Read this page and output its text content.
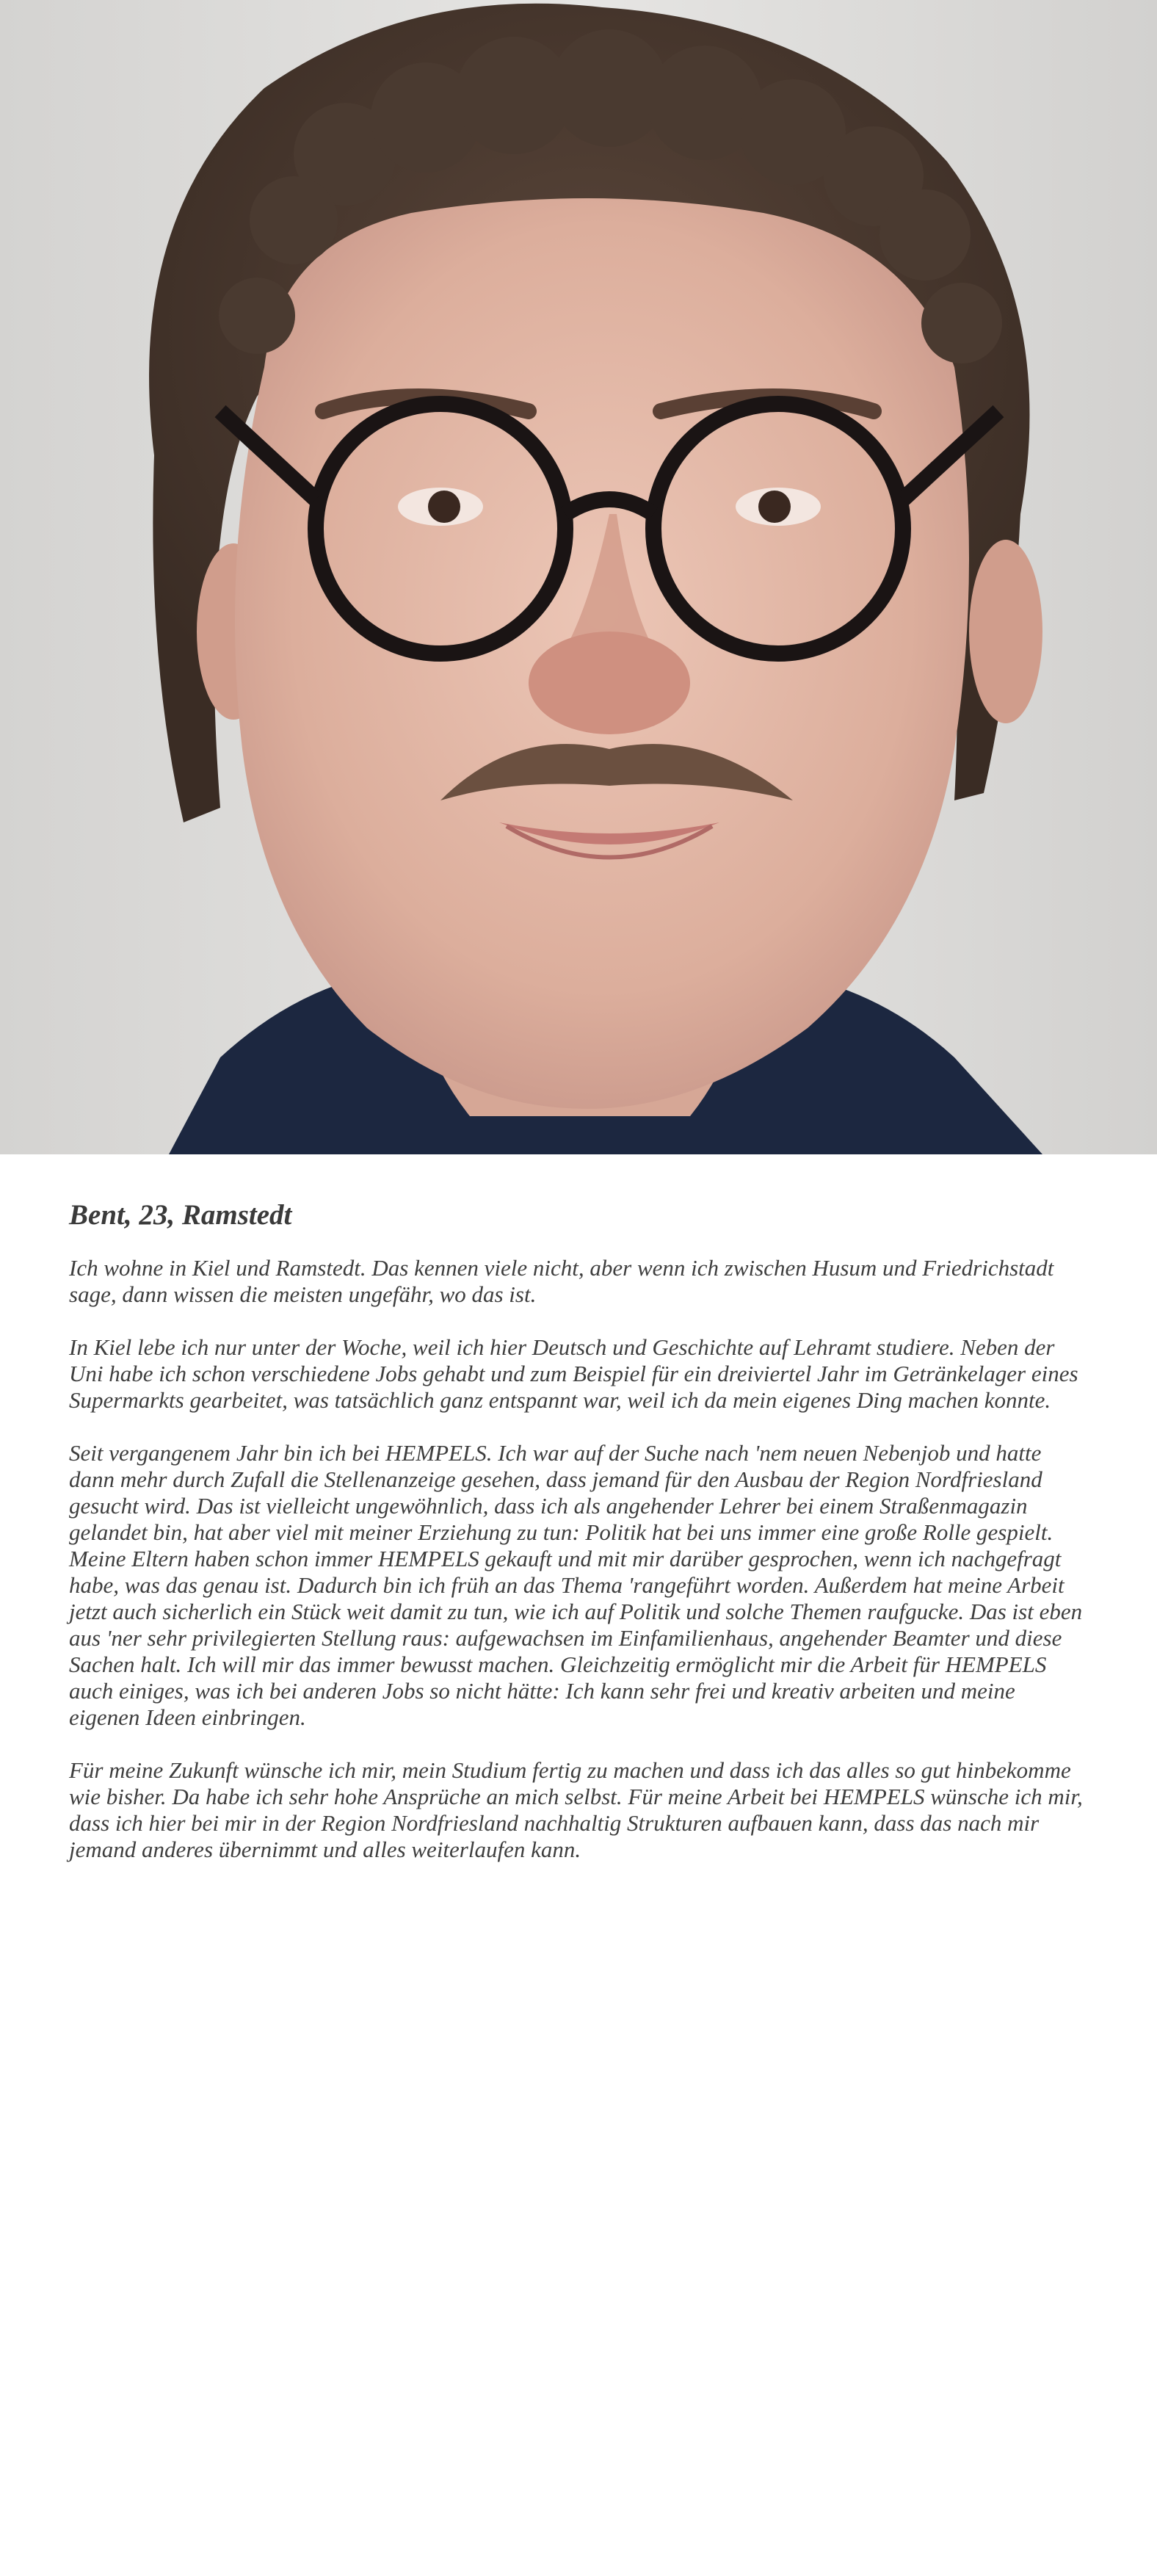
Bent, 23, Ramstedt

Ich wohne in Kiel und Ramstedt. Das kennen viele nicht, aber wenn ich zwischen Husum und Friedrichstadt sage, dann wissen die meisten ungefähr, wo das ist.

In Kiel lebe ich nur unter der Woche, weil ich hier Deutsch und Geschichte auf Lehramt studiere. Neben der Uni habe ich schon verschiedene Jobs gehabt und zum Beispiel für ein dreiviertel Jahr im Getränkelager eines Supermarkts gearbeitet, was tatsächlich ganz entspannt war, weil ich da mein eigenes Ding machen konnte.

Seit vergangenem Jahr bin ich bei HEMPELS. Ich war auf der Suche nach 'nem neuen Nebenjob und hatte dann mehr durch Zufall die Stellenanzeige gesehen, dass jemand für den Ausbau der Region Nordfriesland gesucht wird. Das ist vielleicht ungewöhnlich, dass ich als angehender Lehrer bei einem Straßenmagazin gelandet bin, hat aber viel mit meiner Erziehung zu tun: Politik hat bei uns immer eine große Rolle gespielt. Meine Eltern haben schon immer HEMPELS gekauft und mit mir darüber gesprochen, wenn ich nachgefragt habe, was das genau ist. Dadurch bin ich früh an das Thema 'rangeführt worden. Außerdem hat meine Arbeit jetzt auch sicherlich ein Stück weit damit zu tun, wie ich auf Politik und solche Themen raufgucke. Das ist eben aus 'ner sehr privilegierten Stellung raus: aufgewachsen im Einfamilienhaus, angehender Beamter und diese Sachen halt. Ich will mir das immer bewusst machen. Gleichzeitig ermöglicht mir die Arbeit für HEMPELS auch einiges, was ich bei anderen Jobs so nicht hätte: Ich kann sehr frei und kreativ arbeiten und meine eigenen Ideen einbringen.

Für meine Zukunft wünsche ich mir, mein Studium fertig zu machen und dass ich das alles so gut hinbekomme wie bisher. Da habe ich sehr hohe Ansprüche an mich selbst. Für meine Arbeit bei HEMPELS wünsche ich mir, dass ich hier bei mir in der Region Nordfriesland nachhaltig Strukturen aufbauen kann, dass das nach mir jemand anderes übernimmt und alles weiterlaufen kann.
